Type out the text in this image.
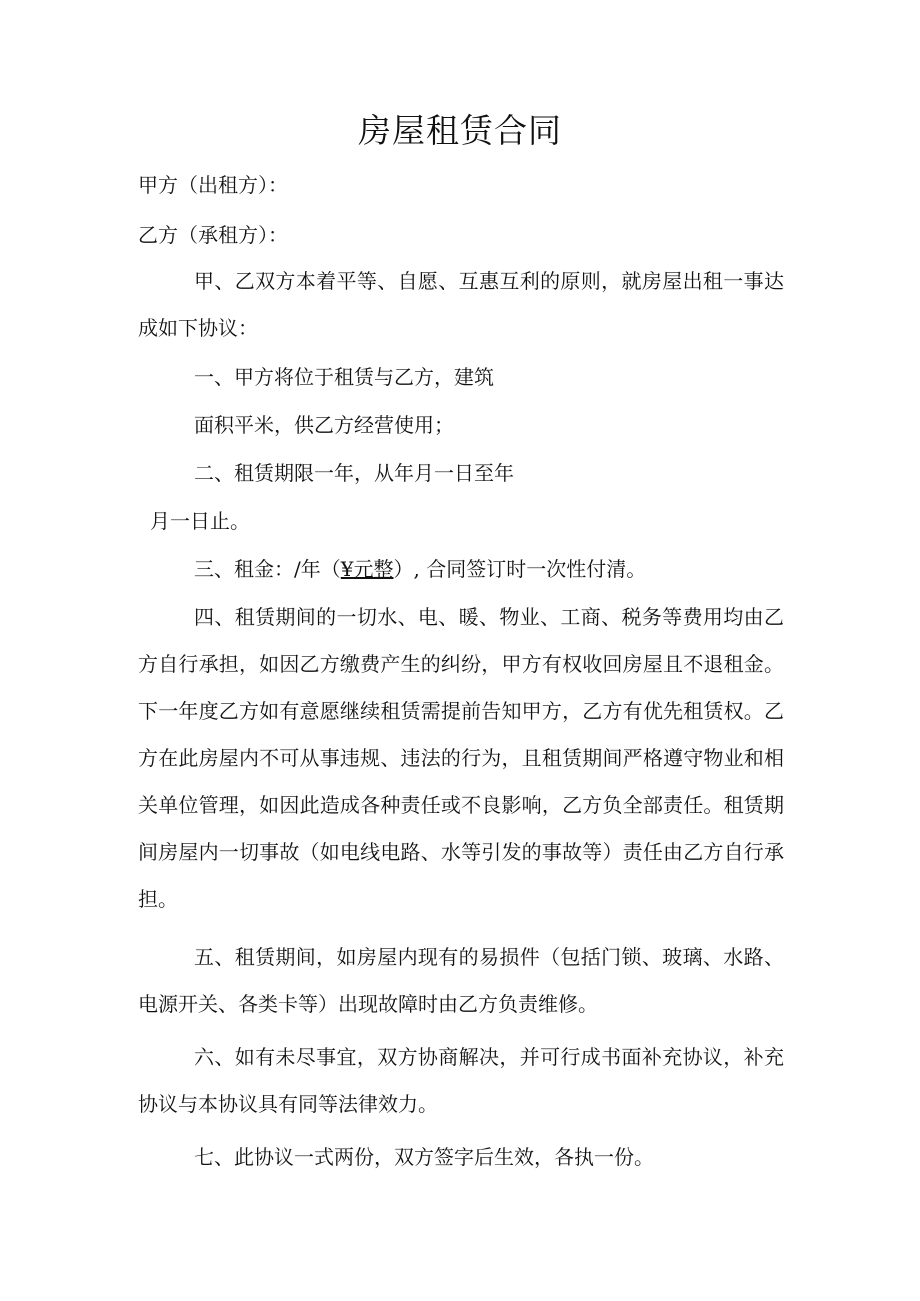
房屋租赁合同
甲方（出租方）：
乙方（承租方）：
甲、乙双方本着平等、自愿、互惠互利的原则，就房屋出租一事达成如下协议：
一、甲方将位于租赁与乙方，建筑
面积平米，供乙方经营使用；
二、租赁期限一年，从年月一日至年
月一日止。
三、租金：/年（¥元整）, 合同签订时一次性付清。
四、租赁期间的一切水、电、暖、物业、工商、税务等费用均由乙方自行承担，如因乙方缴费产生的纠纷，甲方有权收回房屋且不退租金。下一年度乙方如有意愿继续租赁需提前告知甲方，乙方有优先租赁权。乙方在此房屋内不可从事违规、违法的行为，且租赁期间严格遵守物业和相关单位管理，如因此造成各种责任或不良影响，乙方负全部责任。租赁期间房屋内一切事故（如电线电路、水等引发的事故等）责任由乙方自行承担。
五、租赁期间，如房屋内现有的易损件（包括门锁、玻璃、水路、电源开关、各类卡等）出现故障时由乙方负责维修。
六、如有未尽事宜，双方协商解决，并可行成书面补充协议，补充协议与本协议具有同等法律效力。
七、此协议一式两份，双方签字后生效，各执一份。
